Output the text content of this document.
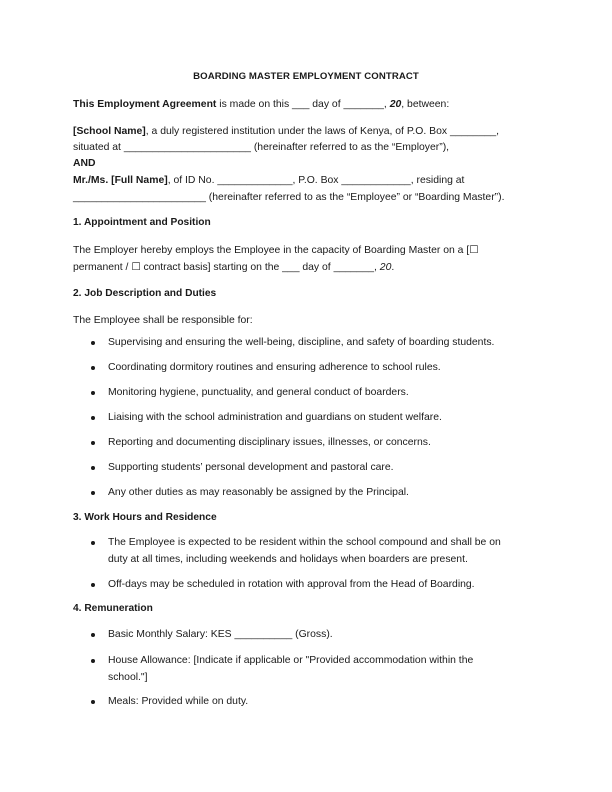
BOARDING MASTER EMPLOYMENT CONTRACT
This Employment Agreement is made on this ___ day of _______, 20, between:
[School Name], a duly registered institution under the laws of Kenya, of P.O. Box ________,
situated at ______________________ (hereinafter referred to as the “Employer”),
AND
Mr./Ms. [Full Name], of ID No. _____________, P.O. Box ____________, residing at
_______________________ (hereinafter referred to as the “Employee” or “Boarding Master”).
1. Appointment and Position
The Employer hereby employs the Employee in the capacity of Boarding Master on a [☐
permanent / ☐ contract basis] starting on the ___ day of _______, 20.
2. Job Description and Duties
The Employee shall be responsible for:
Supervising and ensuring the well-being, discipline, and safety of boarding students.
Coordinating dormitory routines and ensuring adherence to school rules.
Monitoring hygiene, punctuality, and general conduct of boarders.
Liaising with the school administration and guardians on student welfare.
Reporting and documenting disciplinary issues, illnesses, or concerns.
Supporting students’ personal development and pastoral care.
Any other duties as may reasonably be assigned by the Principal.
3. Work Hours and Residence
The Employee is expected to be resident within the school compound and shall be on
duty at all times, including weekends and holidays when boarders are present.
Off-days may be scheduled in rotation with approval from the Head of Boarding.
4. Remuneration
Basic Monthly Salary: KES __________ (Gross).
House Allowance: [Indicate if applicable or "Provided accommodation within the
school."]
Meals: Provided while on duty.
